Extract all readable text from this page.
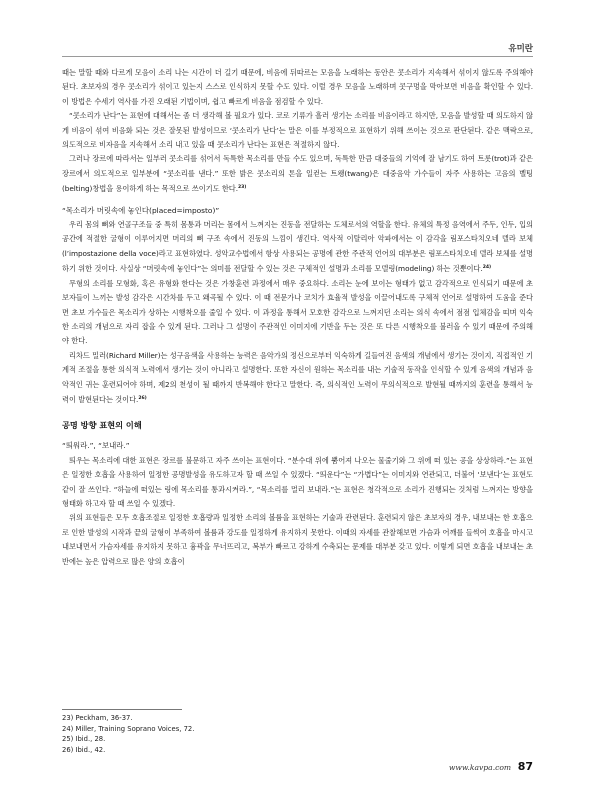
유미란

때는 말할 때와 다르게 모음이 소리 나는 시간이 더 길기 때문에, 비음에 뒤따르는 모음을 노래하는 동안은 콧소리가 지속해서 섞이지 않도록 주의해야 된다. 초보자의 경우 콧소리가 섞이고 있는지 스스로 인식하지 못할 수도 있다. 이럴 경우 모음을 노래하며 콧구멍을 막아보면 비음을 확인할 수 있다. 이 방법은 수세기 역사를 가진 오래된 기법이며, 쉽고 빠르게 비음을 점검할 수 있다.

“콧소리가 난다”는 표현에 대해서는 좀 더 생각해 볼 필요가 있다. 코로 기류가 흘러 생기는 소리를 비음이라고 하지만, 모음을 발성할 때 의도하지 않게 비음이 섞여 비음화 되는 것은 잘못된 발성이므로 ‘콧소리가 난다’는 말은 이를 부정적으로 표현하기 위해 쓰이는 것으로 판단된다. 같은 맥락으로, 의도적으로 비자음을 지속해서 소리 내고 있을 때 콧소리가 난다는 표현은 적절하지 않다.

그러나 장르에 따라서는 일부러 콧소리를 섞어서 독특한 목소리를 만들 수도 있으며, 독특한 만큼 대중들의 기억에 잘 남기도 하여 트롯(trot)과 같은 장르에서 의도적으로 일부분에 “콧소리를 낸다.” 또한 밝은 콧소리의 톤을 일컫는 트왱(twang)은 대중음악 가수들이 자주 사용하는 고음의 벨팅(belting)창법을 용이하게 하는 목적으로 쓰이기도 한다.$^{23)}$

“목소리가 머릿속에 놓인다(placed=imposto)”

우리 몸의 뼈와 연골구조들 중 특히 몸통과 머리는 몸에서 느껴지는 진동을 전달하는 도체로서의 역할을 한다. 유체의 특정 음역에서 주두, 인두, 입의 공간에 적절한 굴형이 이루어지면 머리의 뼈 구조 속에서 진동의 느낌이 생긴다. 역사적 이탈리아 악파에서는 이 감각을 림포스타치오네 델라 보체 (l’impostazione della voce)라고 표현하였다. 성악교수법에서 항상 사용되는 공명에 관한 주관적 언어의 대부분은 림포스타치오네 델라 보체를 설명하기 위한 것이다. 사실상 “머릿속에 놓인다”는 의미를 전달할 수 있는 것은 구체적인 설명과 소리를 모델링(modeling) 하는 것뿐이다.$^{24)}$

무형의 소리를 모형화, 혹은 유형화 한다는 것은 가창훈련 과정에서 매우 중요하다. 소리는 눈에 보이는 형태가 없고 감각적으로 인식되기 때문에 초보자들이 느끼는 발성 감각은 시간차를 두고 왜곡될 수 있다. 이 때 전문가나 코치가 효율적 발성을 이끌어내도록 구체적 언어로 설명하여 도움을 준다면 초보 가수들은 목소리가 상하는 시행착오를 줄일 수 있다. 이 과정을 통해서 모호한 감각으로 느껴지던 소리는 의식 속에서 점점 입체감을 띠며 익숙한 소리의 개념으로 자리 잡을 수 있게 된다. 그러나 그 설명이 주관적인 이미지에 기반을 두는 것은 또 다른 시행착오를 불러올 수 있기 때문에 주의해야 한다.

리차드 밀러(Richard Miller)는 성구음색을 사용하는 능력은 음악가의 정신으로부터 익숙하게 길들여진 음색의 개념에서 생기는 것이지, 직접적인 기계적 조절을 통한 의식적 노력에서 생기는 것이 아니라고 설명한다. 또한 자신이 원하는 목소리를 내는 기술적 동작을 인식할 수 있게 음색의 개념과 음악적인 귀는 훈련되어야 하며, 제2의 천성이 될 때까지 반복해야 한다고 말한다. 즉, 의식적인 노력이 무의식적으로 발현될 때까지의 훈련을 통해서 능력이 발현된다는 것이다.$^{26)}$

공명 방향 표현의 이해

“띄워라.”, “보내라.”

띄우는 목소리에 대한 표현은 장르를 불문하고 자주 쓰이는 표현이다. “분수대 위에 뿜어져 나오는 물줄기와 그 위에 떠 있는 공을 상상하라.”는 표현은 일정한 호흡을 사용하여 일정한 공명발성을 유도하고자 할 때 쓰일 수 있겠다. “띄운다”는 “가볍다”는 이미지와 연관되고, 더불어 ‘보낸다’는 표현도 같이 잘 쓰인다. “하늘에 떠있는 링에 목소리를 통과시켜라.”, “목소리를 멀리 보내라.”는 표현은 청각적으로 소리가 진행되는 것처럼 느껴지는 방향을 형태화 하고자 할 때 쓰일 수 있겠다.

위의 표현들은 모두 호흡조절로 일정한 호흡량과 일정한 소리의 볼륨을 표현하는 기술과 관련된다. 훈련되지 않은 초보자의 경우, 내보내는 한 호흡으로 인한 발성의 시작과 끝의 굴형이 부족하여 볼륨과 강도를 일정하게 유지하지 못한다. 이때의 자세를 관찰해보면 가슴과 어깨를 들썩여 호흡을 마시고 내보내면서 가슴자세를 유지하지 못하고 흉곽을 무너뜨리고, 복부가 빠르고 강하게 수축되는 문제를 대부분 갖고 있다. 이렇게 되면 호흡을 내보내는 초반에는 높은 압력으로 많은 양의 호흡이

23) Peckham, 36-37.

24) Miller, Training Soprano Voices, 72.

25) Ibid., 28.

26) Ibid., 42.

www.kavpa.com 87
